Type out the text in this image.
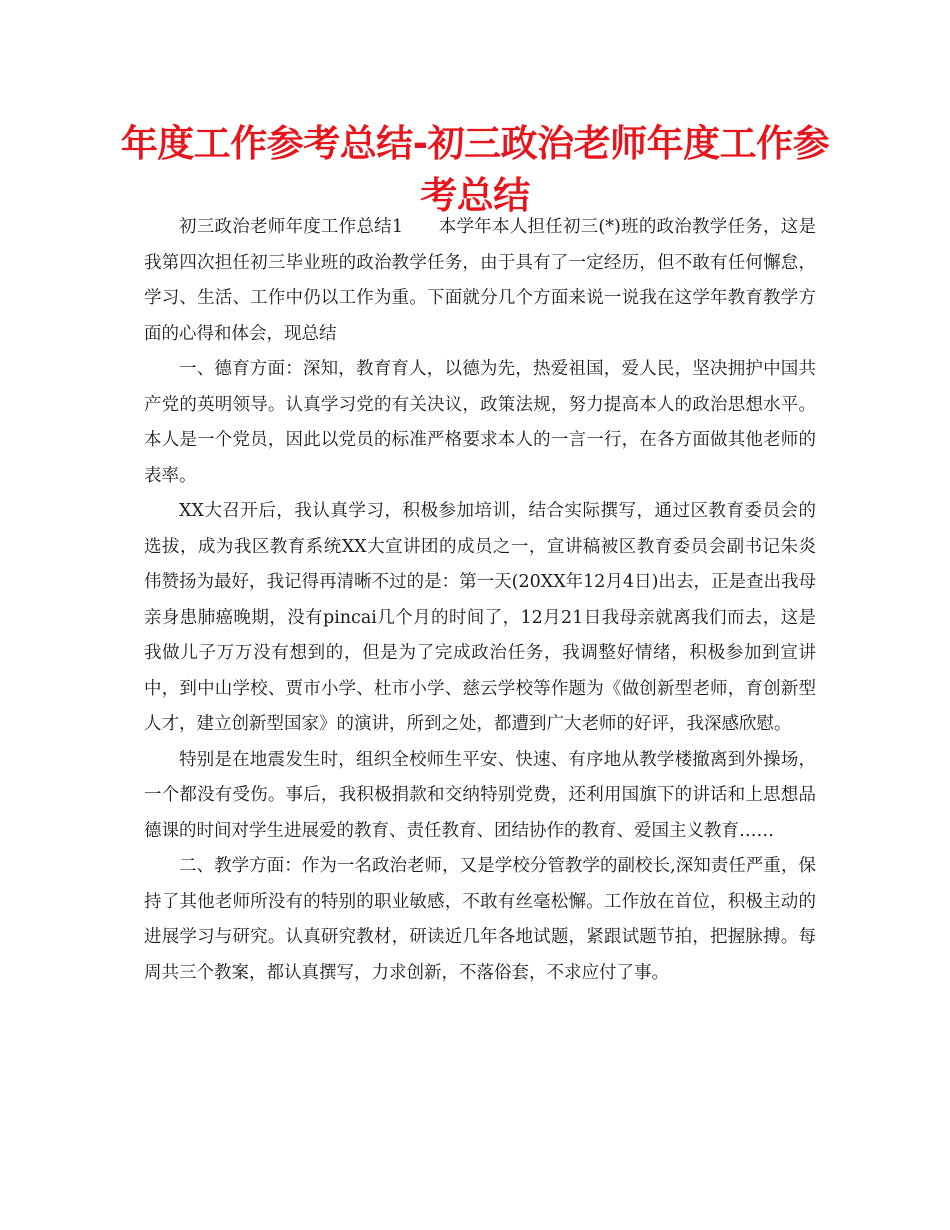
年度工作参考总结-初三政治老师年度工作参考总结

初三政治老师年度工作总结1　　本学年本人担任初三(*)班的政治教学任务，这是我第四次担任初三毕业班的政治教学任务，由于具有了一定经历，但不敢有任何懈怠，学习、生活、工作中仍以工作为重。下面就分几个方面来说一说我在这学年教育教学方面的心得和体会，现总结

一、德育方面：深知，教育育人，以德为先，热爱祖国，爱人民，坚决拥护中国共产党的英明领导。认真学习党的有关决议，政策法规，努力提高本人的政治思想水平。本人是一个党员，因此以党员的标准严格要求本人的一言一行，在各方面做其他老师的表率。

XX大召开后，我认真学习，积极参加培训，结合实际撰写，通过区教育委员会的选拔，成为我区教育系统XX大宣讲团的成员之一，宣讲稿被区教育委员会副书记朱炎伟赞扬为最好，我记得再清晰不过的是：第一天(20XX年12月4日)出去，正是查出我母亲身患肺癌晚期，没有pincai几个月的时间了，12月21日我母亲就离我们而去，这是我做儿子万万没有想到的，但是为了完成政治任务，我调整好情绪，积极参加到宣讲中，到中山学校、贾市小学、杜市小学、慈云学校等作题为《做创新型老师，育创新型人才，建立创新型国家》的演讲，所到之处，都遭到广大老师的好评，我深感欣慰。

特别是在地震发生时，组织全校师生平安、快速、有序地从教学楼撤离到外操场，一个都没有受伤。事后，我积极捐款和交纳特别党费，还利用国旗下的讲话和上思想品德课的时间对学生进展爱的教育、责任教育、团结协作的教育、爱国主义教育……

二、教学方面：作为一名政治老师，又是学校分管教学的副校长,深知责任严重，保持了其他老师所没有的特别的职业敏感，不敢有丝毫松懈。工作放在首位，积极主动的进展学习与研究。认真研究教材，研读近几年各地试题，紧跟试题节拍，把握脉搏。每周共三个教案，都认真撰写，力求创新，不落俗套，不求应付了事。
